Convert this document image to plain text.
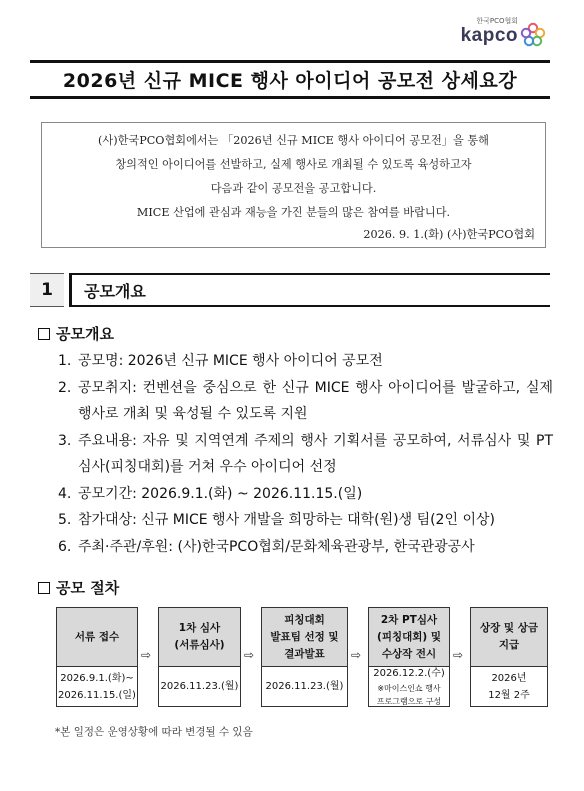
한국PCO협회
kapco
2026년 신규 MICE 행사 아이디어 공모전 상세요강
(사)한국PCO협회에서는 「2026년 신규 MICE 행사 아이디어 공모전」을 통해
창의적인 아이디어를 선발하고, 실제 행사로 개최될 수 있도록 육성하고자
다음과 같이 공모전을 공고합니다.
MICE 산업에 관심과 재능을 가진 분들의 많은 참여를 바랍니다.
2026. 9. 1.(화) (사)한국PCO협회
1	공모개요
공모개요
1. 공모명: 2026년 신규 MICE 행사 아이디어 공모전
2. 공모취지: 컨벤션을 중심으로 한 신규 MICE 행사 아이디어를 발굴하고, 실제 행사로 개최 및 육성될 수 있도록 지원
3. 주요내용: 자유 및 지역연계 주제의 행사 기획서를 공모하여, 서류심사 및 PT심사(피칭대회)를 거쳐 우수 아이디어 선정
4. 공모기간: 2026.9.1.(화) ~ 2026.11.15.(일)
5. 참가대상: 신규 MICE 행사 개발을 희망하는 대학(원)생 팀(2인 이상)
6. 주최·주관/후원: (사)한국PCO협회/문화체육관광부, 한국관광공사
공모 절차
서류 접수
2026.9.1.(화)~
2026.11.15.(일)
⇨
1차 심사
(서류심사)
2026.11.23.(월)
⇨
피칭대회
발표팀 선정 및
결과발표
2026.11.23.(월)
⇨
2차 PT심사
(피칭대회) 및
수상작 전시
2026.12.2.(수)
※마이스인쇼 행사
프로그램으로 구성
⇨
상장 및 상금
지급
2026년
12월 2주
*본 일정은 운영상황에 따라 변경될 수 있음
